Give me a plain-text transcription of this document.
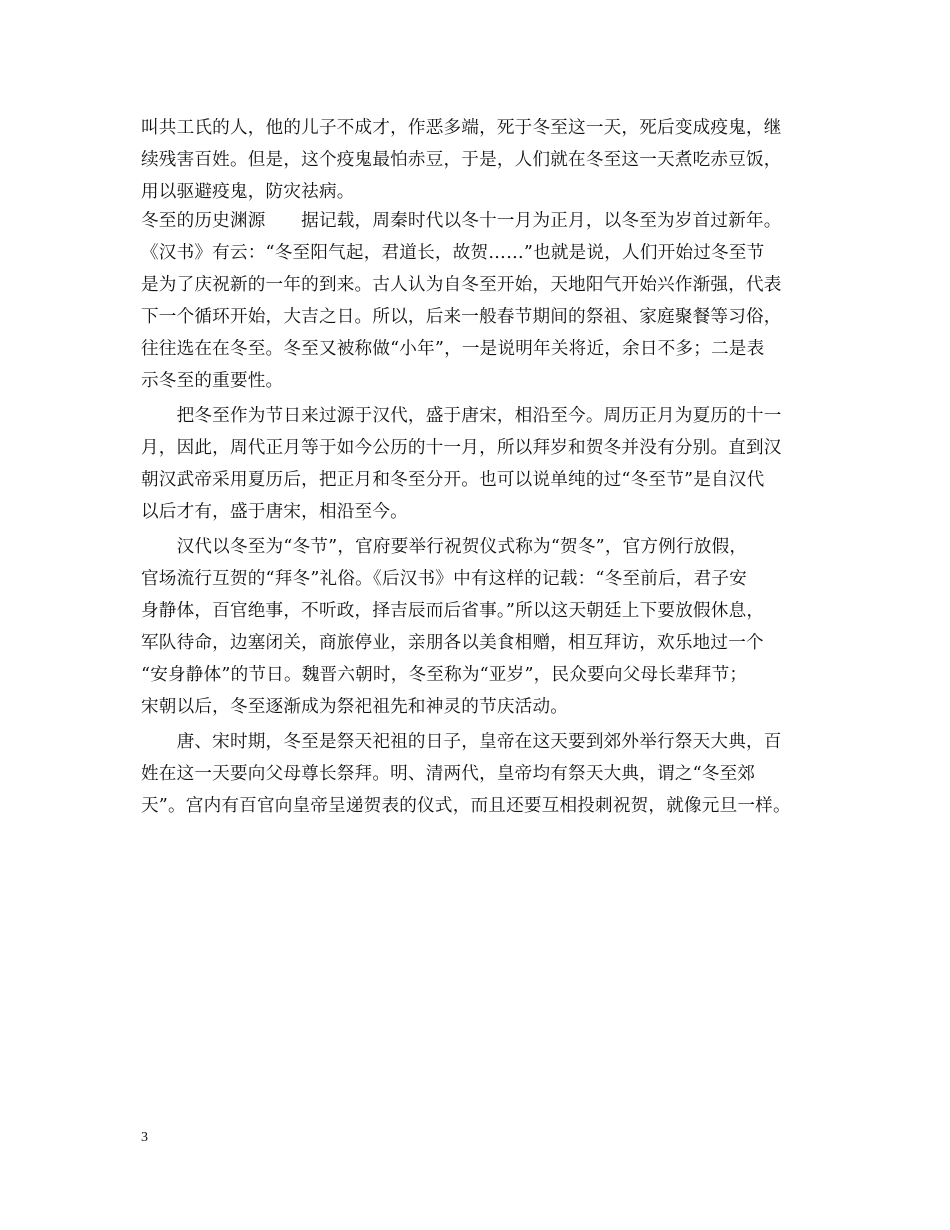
叫共工氏的人，他的儿子不成才，作恶多端，死于冬至这一天，死后变成疫鬼，继
续残害百姓。但是，这个疫鬼最怕赤豆，于是，人们就在冬至这一天煮吃赤豆饭，
用以驱避疫鬼，防灾祛病。
冬至的历史渊源　　据记载，周秦时代以冬十一月为正月，以冬至为岁首过新年。
《汉书》有云：“冬至阳气起，君道长，故贺……”也就是说，人们开始过冬至节
是为了庆祝新的一年的到来。古人认为自冬至开始，天地阳气开始兴作渐强，代表
下一个循环开始，大吉之日。所以，后来一般春节期间的祭祖、家庭聚餐等习俗，
往往选在在冬至。冬至又被称做“小年”，一是说明年关将近，余日不多；二是表
示冬至的重要性。
　　把冬至作为节日来过源于汉代，盛于唐宋，相沿至今。周历正月为夏历的十一
月，因此，周代正月等于如今公历的十一月，所以拜岁和贺冬并没有分别。直到汉
朝汉武帝采用夏历后，把正月和冬至分开。也可以说单纯的过“冬至节”是自汉代
以后才有，盛于唐宋，相沿至今。
　　汉代以冬至为“冬节”，官府要举行祝贺仪式称为“贺冬”，官方例行放假，
官场流行互贺的“拜冬”礼俗。《后汉书》中有这样的记载：“冬至前后，君子安
身静体，百官绝事，不听政，择吉辰而后省事。”所以这天朝廷上下要放假休息，
军队待命，边塞闭关，商旅停业，亲朋各以美食相赠，相互拜访，欢乐地过一个
“安身静体”的节日。魏晋六朝时，冬至称为“亚岁”，民众要向父母长辈拜节；
宋朝以后，冬至逐渐成为祭祀祖先和神灵的节庆活动。
　　唐、宋时期，冬至是祭天祀祖的日子，皇帝在这天要到郊外举行祭天大典，百
姓在这一天要向父母尊长祭拜。明、清两代，皇帝均有祭天大典，谓之“冬至郊
天”。宫内有百官向皇帝呈递贺表的仪式，而且还要互相投刺祝贺，就像元旦一样。
3
